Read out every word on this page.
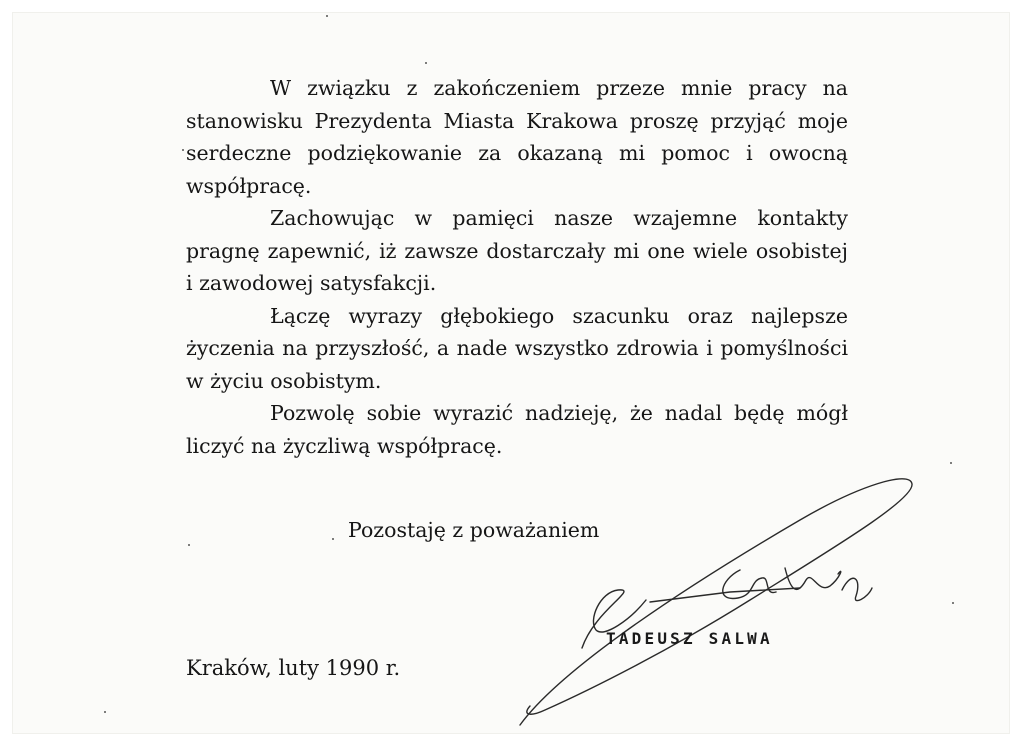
W związku z zakończeniem przeze mnie pracy na stanowisku Prezydenta Miasta Krakowa proszę przyjąć moje serdeczne podziękowanie za okazaną mi pomoc i owocną współpracę.

Zachowując w pamięci nasze wzajemne kontakty pragnę zapewnić, iż zawsze dostarczały mi one wiele osobistej i zawodowej satysfakcji.

Łączę wyrazy głębokiego szacunku oraz najlepsze życzenia na przyszłość, a nade wszystko zdrowia i pomyślności w życiu osobistym.

Pozwolę sobie wyrazić nadzieję, że nadal będę mógł liczyć na życzliwą współpracę.

Pozostaję z poważaniem
TADEUSZ SALWA
Kraków, luty 1990 r.
